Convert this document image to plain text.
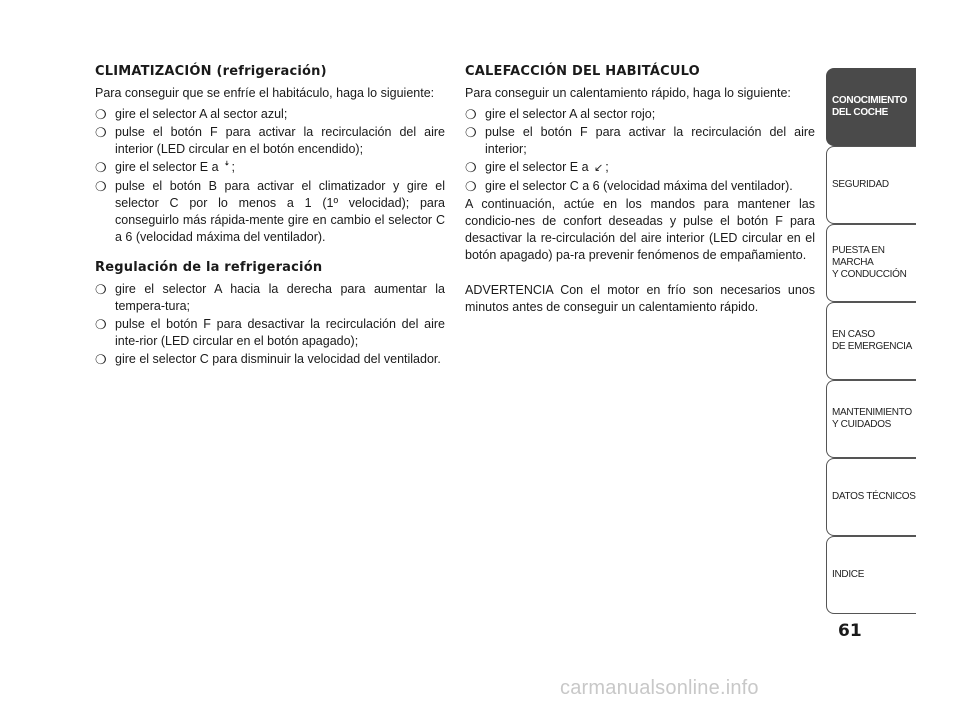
CLIMATIZACIÓN (refrigeración)

Para conseguir que se enfríe el habitáculo, haga lo siguiente:

❍ gire el selector A al sector azul;
❍ pulse el botón F para activar la recirculación del aire interior (LED circular en el botón encendido);
❍ gire el selector E a ꜜ ;
❍ pulse el botón B para activar el climatizador y gire el selector C por lo menos a 1 (1º velocidad); para conseguirlo más rápida-mente gire en cambio el selector C a 6 (velocidad máxima del ventilador).
Regulación de la refrigeración
❍ gire el selector A hacia la derecha para aumentar la tempera-tura;
❍ pulse el botón F para desactivar la recirculación del aire inte-rior (LED circular en el botón apagado);
❍ gire el selector C para disminuir la velocidad del ventilador.
CALEFACCIÓN DEL HABITÁCULO

Para conseguir un calentamiento rápido, haga lo siguiente:

❍ gire el selector A al sector rojo;
❍ pulse el botón F para activar la recirculación del aire interior;
❍ gire el selector E a ↙ ;
❍ gire el selector C a 6 (velocidad máxima del ventilador).

A continuación, actúe en los mandos para mantener las condicio-nes de confort deseadas y pulse el botón F para desactivar la re-circulación del aire interior (LED circular en el botón apagado) pa-ra prevenir fenómenos de empañamiento.

ADVERTENCIA Con el motor en frío son necesarios unos minutos antes de conseguir un calentamiento rápido.

CONOCIMIENTO
DEL COCHE
SEGURIDAD
PUESTA EN MARCHA
Y CONDUCCIÓN
EN CASO
DE EMERGENCIA
MANTENIMIENTO
Y CUIDADOS
DATOS TÉCNICOS
INDICE
61
carmanualsonline.info
